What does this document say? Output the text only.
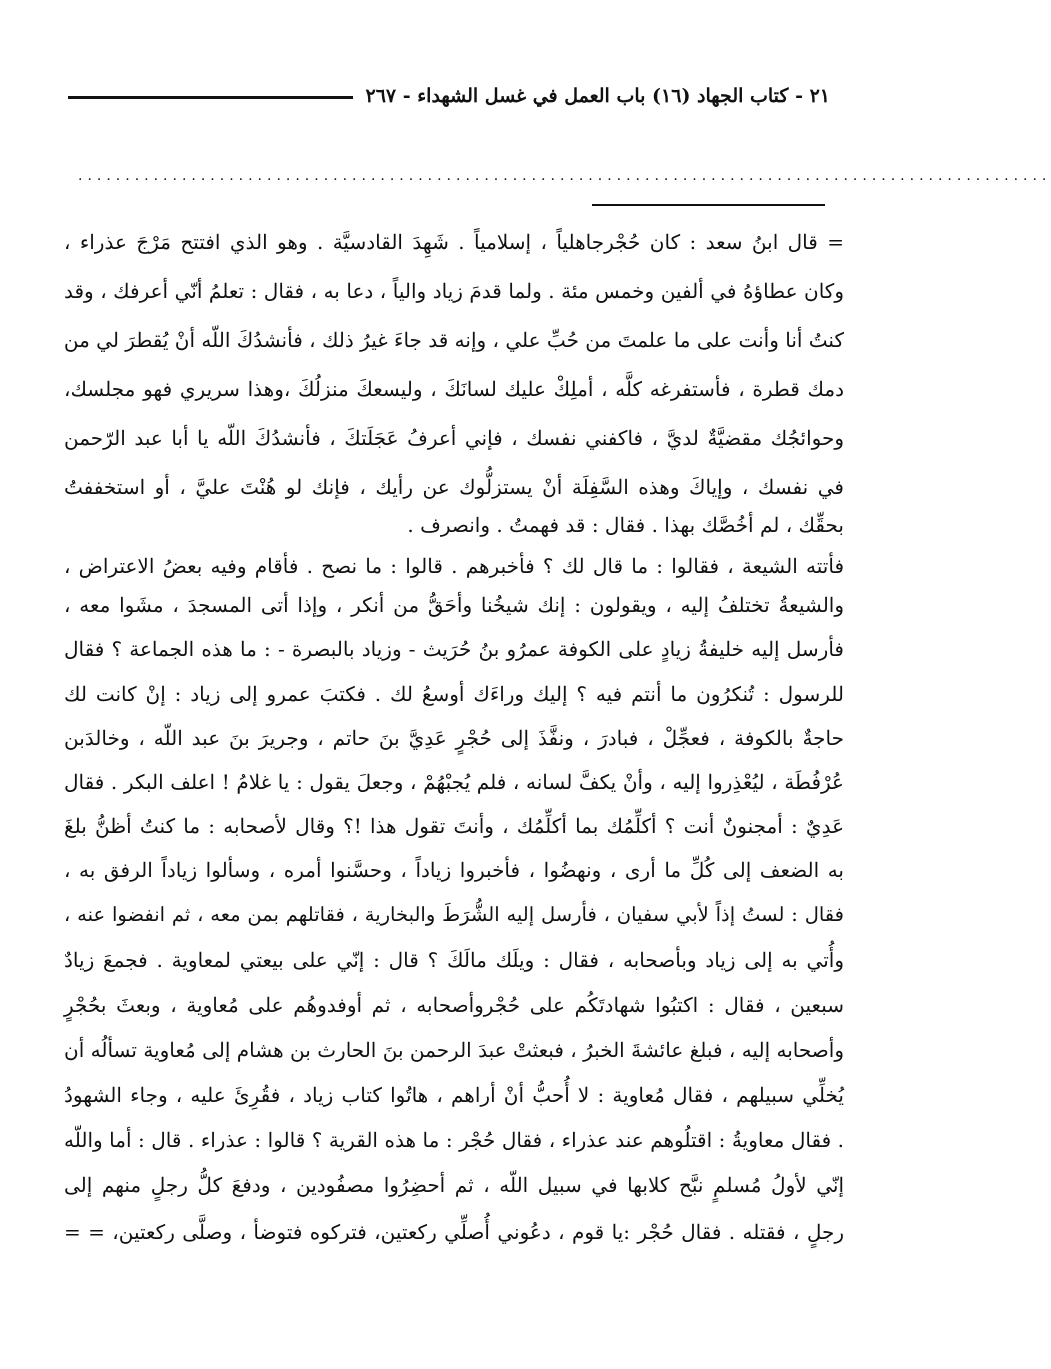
٢١ - كتاب الجهاد (١٦) باب العمل في غسل الشهداء - ٢٦٧
.......................................................................................................
= قال ابنُ سعد : كان حُجْرجاهلياً ، إسلامياً . شَهِدَ القادسيَّة . وهو الذي افتتح مَرْجَ عذراء ،
وكان عطاؤهُ في ألفين وخمس مئة . ولما قدمَ زياد والياً ، دعا به ، فقال : تعلمُ أنّي أعرفك ، وقد
كنتُ أنا وأنت على ما علمتَ من حُبِّ علي ، وإنه قد جاءَ غيرُ ذلك ، فأنشدُكَ اللّه أنْ يُقطرَ لي من
دمك قطرة ، فأستفرغه كلَّه ، أملِكْ عليك لسانَكَ ، وليسعكَ منزلُكَ ،وهذا سريري فهو مجلسك،
وحوائجُك مقضيَّةٌ لديَّ ، فاكفني نفسك ، فإني أعرفُ عَجَلَتكَ ، فأنشدُكَ اللّه يا أبا عبد الرّحمن
في نفسك ، وإياكَ وهذه السَّفِلَة أنْ يستزلُّوك عن رأيك ، فإنك لو هُنْتَ عليَّ ، أو استخففتُ
بحقِّك ، لم أخُصَّك بهذا . فقال : قد فهمتُ . وانصرف .
فأتته الشيعة ، فقالوا : ما قال لك ؟ فأخبرهم . قالوا : ما نصح . فأقام وفيه بعضُ الاعتراض ،
والشيعةُ تختلفُ إليه ، ويقولون : إنك شيخُنا وأحَقُّ من أنكر ، وإذا أتى المسجدَ ، مشَوا معه ،
فأرسل إليه خليفةُ زيادٍ على الكوفة عمرُو بنُ حُرَيث - وزياد بالبصرة - : ما هذه الجماعة ؟ فقال
للرسول : تُنكرُون ما أنتم فيه ؟ إليك وراءَك أوسعُ لك . فكتبَ عمرو إلى زياد : إنْ كانت لك
حاجةٌ بالكوفة ، فعجِّلْ ، فبادرَ ، ونفَّذَ إلى حُجْرٍ عَدِيَّ بنَ حاتم ، وجريرَ بنَ عبد اللّه ، وخالدَبن
عُرْفُطَة ، ليُعْذِروا إليه ، وأنْ يكفَّ لسانه ، فلم يُجبْهُمْ ، وجعلَ يقول : يا غلامُ ! اعلف البكر . فقال
عَدِيٌ : أمجنونٌ أنت ؟ أكلِّمُك بما أكلِّمُك ، وأنتَ تقول هذا !؟ وقال لأصحابه : ما كنتُ أظنُّ بلغَ
به الضعف إلى كُلِّ ما أرى ، ونهضُوا ، فأخبروا زياداً ، وحسَّنوا أمره ، وسألوا زياداً الرفق به ،
فقال : لستُ إذاً لأبي سفيان ، فأرسل إليه الشُّرَطَ والبخارية ، فقاتلهم بمن معه ، ثم انفضوا عنه ،
وأُتي به إلى زياد وبأصحابه ، فقال : ويلَك مالَكَ ؟ قال : إنّي على بيعتي لمعاوية . فجمعَ زيادٌ
سبعين ، فقال : اكتبُوا شهادتَكُم على حُجْروأصحابه ، ثم أوفدوهُم على مُعاوية ، وبعثَ بحُجْرٍ
وأصحابه إليه ، فبلغ عائشةَ الخبرُ ، فبعثتْ عبدَ الرحمن بنَ الحارث بن هشام إلى مُعاوية تسألُه أن
يُخلِّي سبيلهم ، فقال مُعاوية : لا أُحبُّ أنْ أراهم ، هاتُوا كتاب زياد ، فقُرِئَ عليه ، وجاء الشهودُ
. فقال معاويةُ : اقتلُوهم عند عذراء ، فقال حُجْر : ما هذه القرية ؟ قالوا : عذراء . قال : أما واللّه
إنّي لأولُ مُسلمٍ نبَّح كلابها في سبيل اللّه ، ثم أحضِرُوا مصفُودين ، ودفعَ كلُّ رجلٍ منهم إلى
رجلٍ ، فقتله . فقال حُجْر :يا قوم ، دعُوني أُصلِّي ركعتين، فتركوه فتوضأ ، وصلَّى ركعتين، = =
